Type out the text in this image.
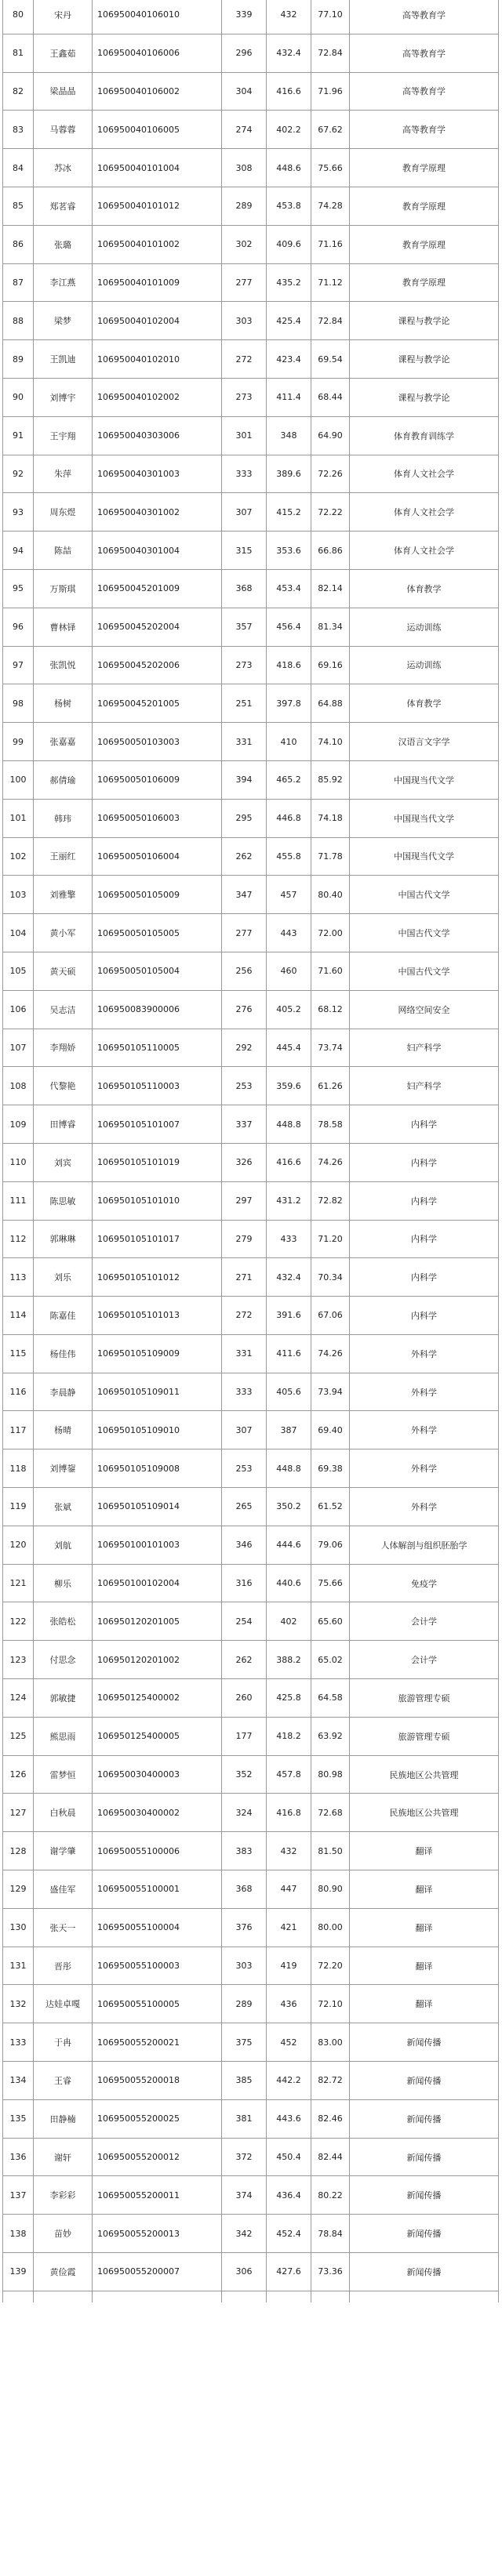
80	宋丹	106950040106010	339	432	77.10	高等教育学
81	王鑫茹	106950040106006	296	432.4	72.84	高等教育学
82	梁晶晶	106950040106002	304	416.6	71.96	高等教育学
83	马蓉蓉	106950040106005	274	402.2	67.62	高等教育学
84	苏冰	106950040101004	308	448.6	75.66	教育学原理
85	郑茗睿	106950040101012	289	453.8	74.28	教育学原理
86	张璐	106950040101002	302	409.6	71.16	教育学原理
87	李江燕	106950040101009	277	435.2	71.12	教育学原理
88	梁梦	106950040102004	303	425.4	72.84	课程与教学论
89	王凯迪	106950040102010	272	423.4	69.54	课程与教学论
90	刘博宇	106950040102002	273	411.4	68.44	课程与教学论
91	王宇翔	106950040303006	301	348	64.90	体育教育训练学
92	朱萍	106950040301003	333	389.6	72.26	体育人文社会学
93	周东煜	106950040301002	307	415.2	72.22	体育人文社会学
94	陈喆	106950040301004	315	353.6	66.86	体育人文社会学
95	万斯琪	106950045201009	368	453.4	82.14	体育教学
96	曹林铎	106950045202004	357	456.4	81.34	运动训练
97	张凯悦	106950045202006	273	418.6	69.16	运动训练
98	杨树	106950045201005	251	397.8	64.88	体育教学
99	张嘉嘉	106950050103003	331	410	74.10	汉语言文字学
100	郝倩瑜	106950050106009	394	465.2	85.92	中国现当代文学
101	韩玮	106950050106003	295	446.8	74.18	中国现当代文学
102	王丽红	106950050106004	262	455.8	71.78	中国现当代文学
103	刘雅擎	106950050105009	347	457	80.40	中国古代文学
104	黄小军	106950050105005	277	443	72.00	中国古代文学
105	黄天硕	106950050105004	256	460	71.60	中国古代文学
106	吴志洁	106950083900006	276	405.2	68.12	网络空间安全
107	李翔娇	106950105110005	292	445.4	73.74	妇产科学
108	代黎艳	106950105110003	253	359.6	61.26	妇产科学
109	田博睿	106950105101007	337	448.8	78.58	内科学
110	刘宾	106950105101019	326	416.6	74.26	内科学
111	陈思敏	106950105101010	297	431.2	72.82	内科学
112	郭琳琳	106950105101017	279	433	71.20	内科学
113	刘乐	106950105101012	271	432.4	70.34	内科学
114	陈嘉佳	106950105101013	272	391.6	67.06	内科学
115	杨佳伟	106950105109009	331	411.6	74.26	外科学
116	李晨静	106950105109011	333	405.6	73.94	外科学
117	杨晴	106950105109010	307	387	69.40	外科学
118	刘博鋆	106950105109008	253	448.8	69.38	外科学
119	张斌	106950105109014	265	350.2	61.52	外科学
120	刘航	106950100101003	346	444.6	79.06	人体解剖与组织胚胎学
121	柳乐	106950100102004	316	440.6	75.66	免疫学
122	张皓松	106950120201005	254	402	65.60	会计学
123	付思念	106950120201002	262	388.2	65.02	会计学
124	郭敏捷	106950125400002	260	425.8	64.58	旅游管理专硕
125	熊思雨	106950125400005	177	418.2	63.92	旅游管理专硕
126	雷梦恒	106950030400003	352	457.8	80.98	民族地区公共管理
127	白秋晨	106950030400002	324	416.8	72.68	民族地区公共管理
128	谢学肇	106950055100006	383	432	81.50	翻译
129	盛佳军	106950055100001	368	447	80.90	翻译
130	张天一	106950055100004	376	421	80.00	翻译
131	晋彤	106950055100003	303	419	72.20	翻译
132	达娃卓嘎	106950055100005	289	436	72.10	翻译
133	于冉	106950055200021	375	452	83.00	新闻传播
134	王睿	106950055200018	385	442.2	82.72	新闻传播
135	田静楠	106950055200025	381	443.6	82.46	新闻传播
136	谢轩	106950055200012	372	450.4	82.44	新闻传播
137	李彩彩	106950055200011	374	436.4	80.22	新闻传播
138	苗妙	106950055200013	342	452.4	78.84	新闻传播
139	黄俭霞	106950055200007	306	427.6	73.36	新闻传播
